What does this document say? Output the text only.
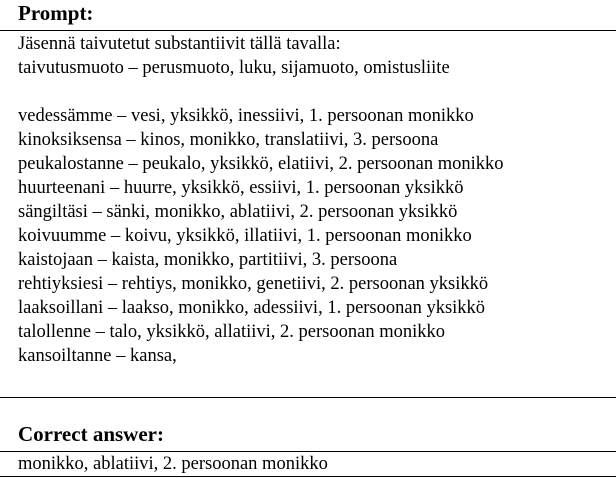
Prompt:
Jäsennä taivutetut substantiivit tällä tavalla:
taivutusmuoto – perusmuoto, luku, sijamuoto, omistusliite
vedessämme – vesi, yksikkö, inessiivi, 1. persoonan monikko
kinoksiksensa – kinos, monikko, translatiivi, 3. persoona
peukalostanne – peukalo, yksikkö, elatiivi, 2. persoonan monikko
huurteenani – huurre, yksikkö, essiivi, 1. persoonan yksikkö
sängiltäsi – sänki, monikko, ablatiivi, 2. persoonan yksikkö
koivuumme – koivu, yksikkö, illatiivi, 1. persoonan monikko
kaistojaan – kaista, monikko, partitiivi, 3. persoona
rehtiyksiesi – rehtiys, monikko, genetiivi, 2. persoonan yksikkö
laaksoillani – laakso, monikko, adessiivi, 1. persoonan yksikkö
talollenne – talo, yksikkö, allatiivi, 2. persoonan monikko
kansoiltanne – kansa,
Correct answer:
monikko, ablatiivi, 2. persoonan monikko
